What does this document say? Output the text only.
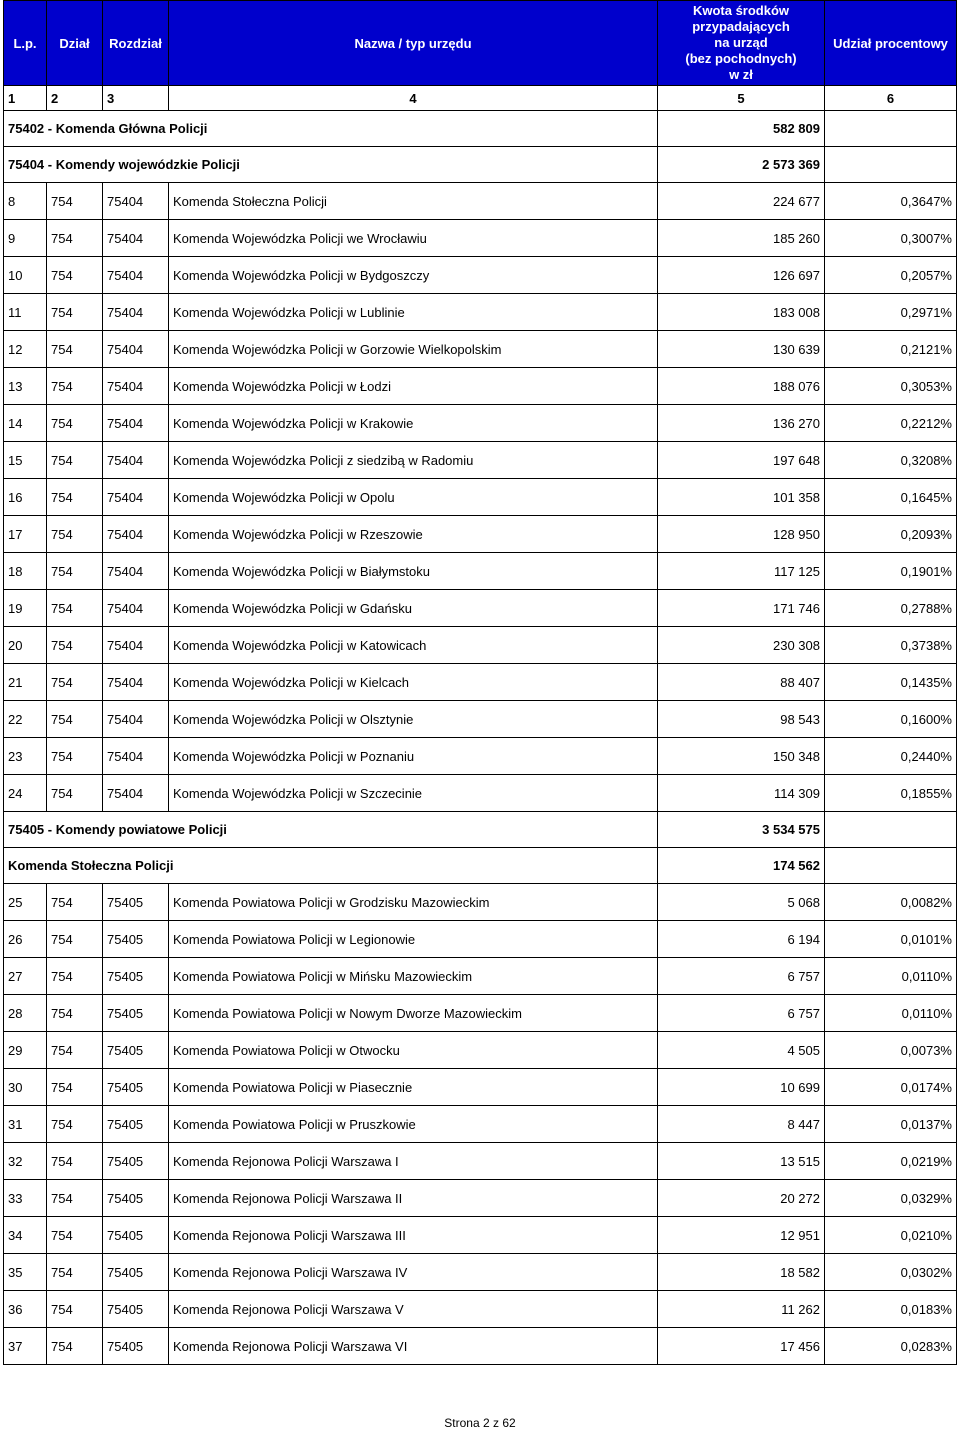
L.p.	Dział	Rozdział	Nazwa / typ urzędu	Kwota środków
przypadających
na urząd
(bez pochodnych)
w zł	Udział procentowy
1	2	3	4	5	6
75402 - Komenda Główna Policji				582 809	
75404 - Komendy wojewódzkie Policji				2 573 369	
8	754	75404	Komenda Stołeczna Policji	224 677	0,3647%
9	754	75404	Komenda Wojewódzka Policji we Wrocławiu	185 260	0,3007%
10	754	75404	Komenda Wojewódzka Policji w Bydgoszczy	126 697	0,2057%
11	754	75404	Komenda Wojewódzka Policji w Lublinie	183 008	0,2971%
12	754	75404	Komenda Wojewódzka Policji w Gorzowie Wielkopolskim	130 639	0,2121%
13	754	75404	Komenda Wojewódzka Policji w Łodzi	188 076	0,3053%
14	754	75404	Komenda Wojewódzka Policji w Krakowie	136 270	0,2212%
15	754	75404	Komenda Wojewódzka Policji z siedzibą w Radomiu	197 648	0,3208%
16	754	75404	Komenda Wojewódzka Policji w Opolu	101 358	0,1645%
17	754	75404	Komenda Wojewódzka Policji w Rzeszowie	128 950	0,2093%
18	754	75404	Komenda Wojewódzka Policji w Białymstoku	117 125	0,1901%
19	754	75404	Komenda Wojewódzka Policji w Gdańsku	171 746	0,2788%
20	754	75404	Komenda Wojewódzka Policji w Katowicach	230 308	0,3738%
21	754	75404	Komenda Wojewódzka Policji w Kielcach	88 407	0,1435%
22	754	75404	Komenda Wojewódzka Policji w Olsztynie	98 543	0,1600%
23	754	75404	Komenda Wojewódzka Policji w Poznaniu	150 348	0,2440%
24	754	75404	Komenda Wojewódzka Policji w Szczecinie	114 309	0,1855%
75405 - Komendy powiatowe Policji				3 534 575	
Komenda Stołeczna Policji				174 562	
25	754	75405	Komenda Powiatowa Policji w Grodzisku Mazowieckim	5 068	0,0082%
26	754	75405	Komenda Powiatowa Policji w Legionowie	6 194	0,0101%
27	754	75405	Komenda Powiatowa Policji w Mińsku Mazowieckim	6 757	0,0110%
28	754	75405	Komenda Powiatowa Policji w Nowym Dworze Mazowieckim	6 757	0,0110%
29	754	75405	Komenda Powiatowa Policji w Otwocku	4 505	0,0073%
30	754	75405	Komenda Powiatowa Policji w Piasecznie	10 699	0,0174%
31	754	75405	Komenda Powiatowa Policji w Pruszkowie	8 447	0,0137%
32	754	75405	Komenda Rejonowa Policji Warszawa I	13 515	0,0219%
33	754	75405	Komenda Rejonowa Policji Warszawa II	20 272	0,0329%
34	754	75405	Komenda Rejonowa Policji Warszawa III	12 951	0,0210%
35	754	75405	Komenda Rejonowa Policji Warszawa IV	18 582	0,0302%
36	754	75405	Komenda Rejonowa Policji Warszawa V	11 262	0,0183%
37	754	75405	Komenda Rejonowa Policji Warszawa VI	17 456	0,0283%
Strona 2 z 62
